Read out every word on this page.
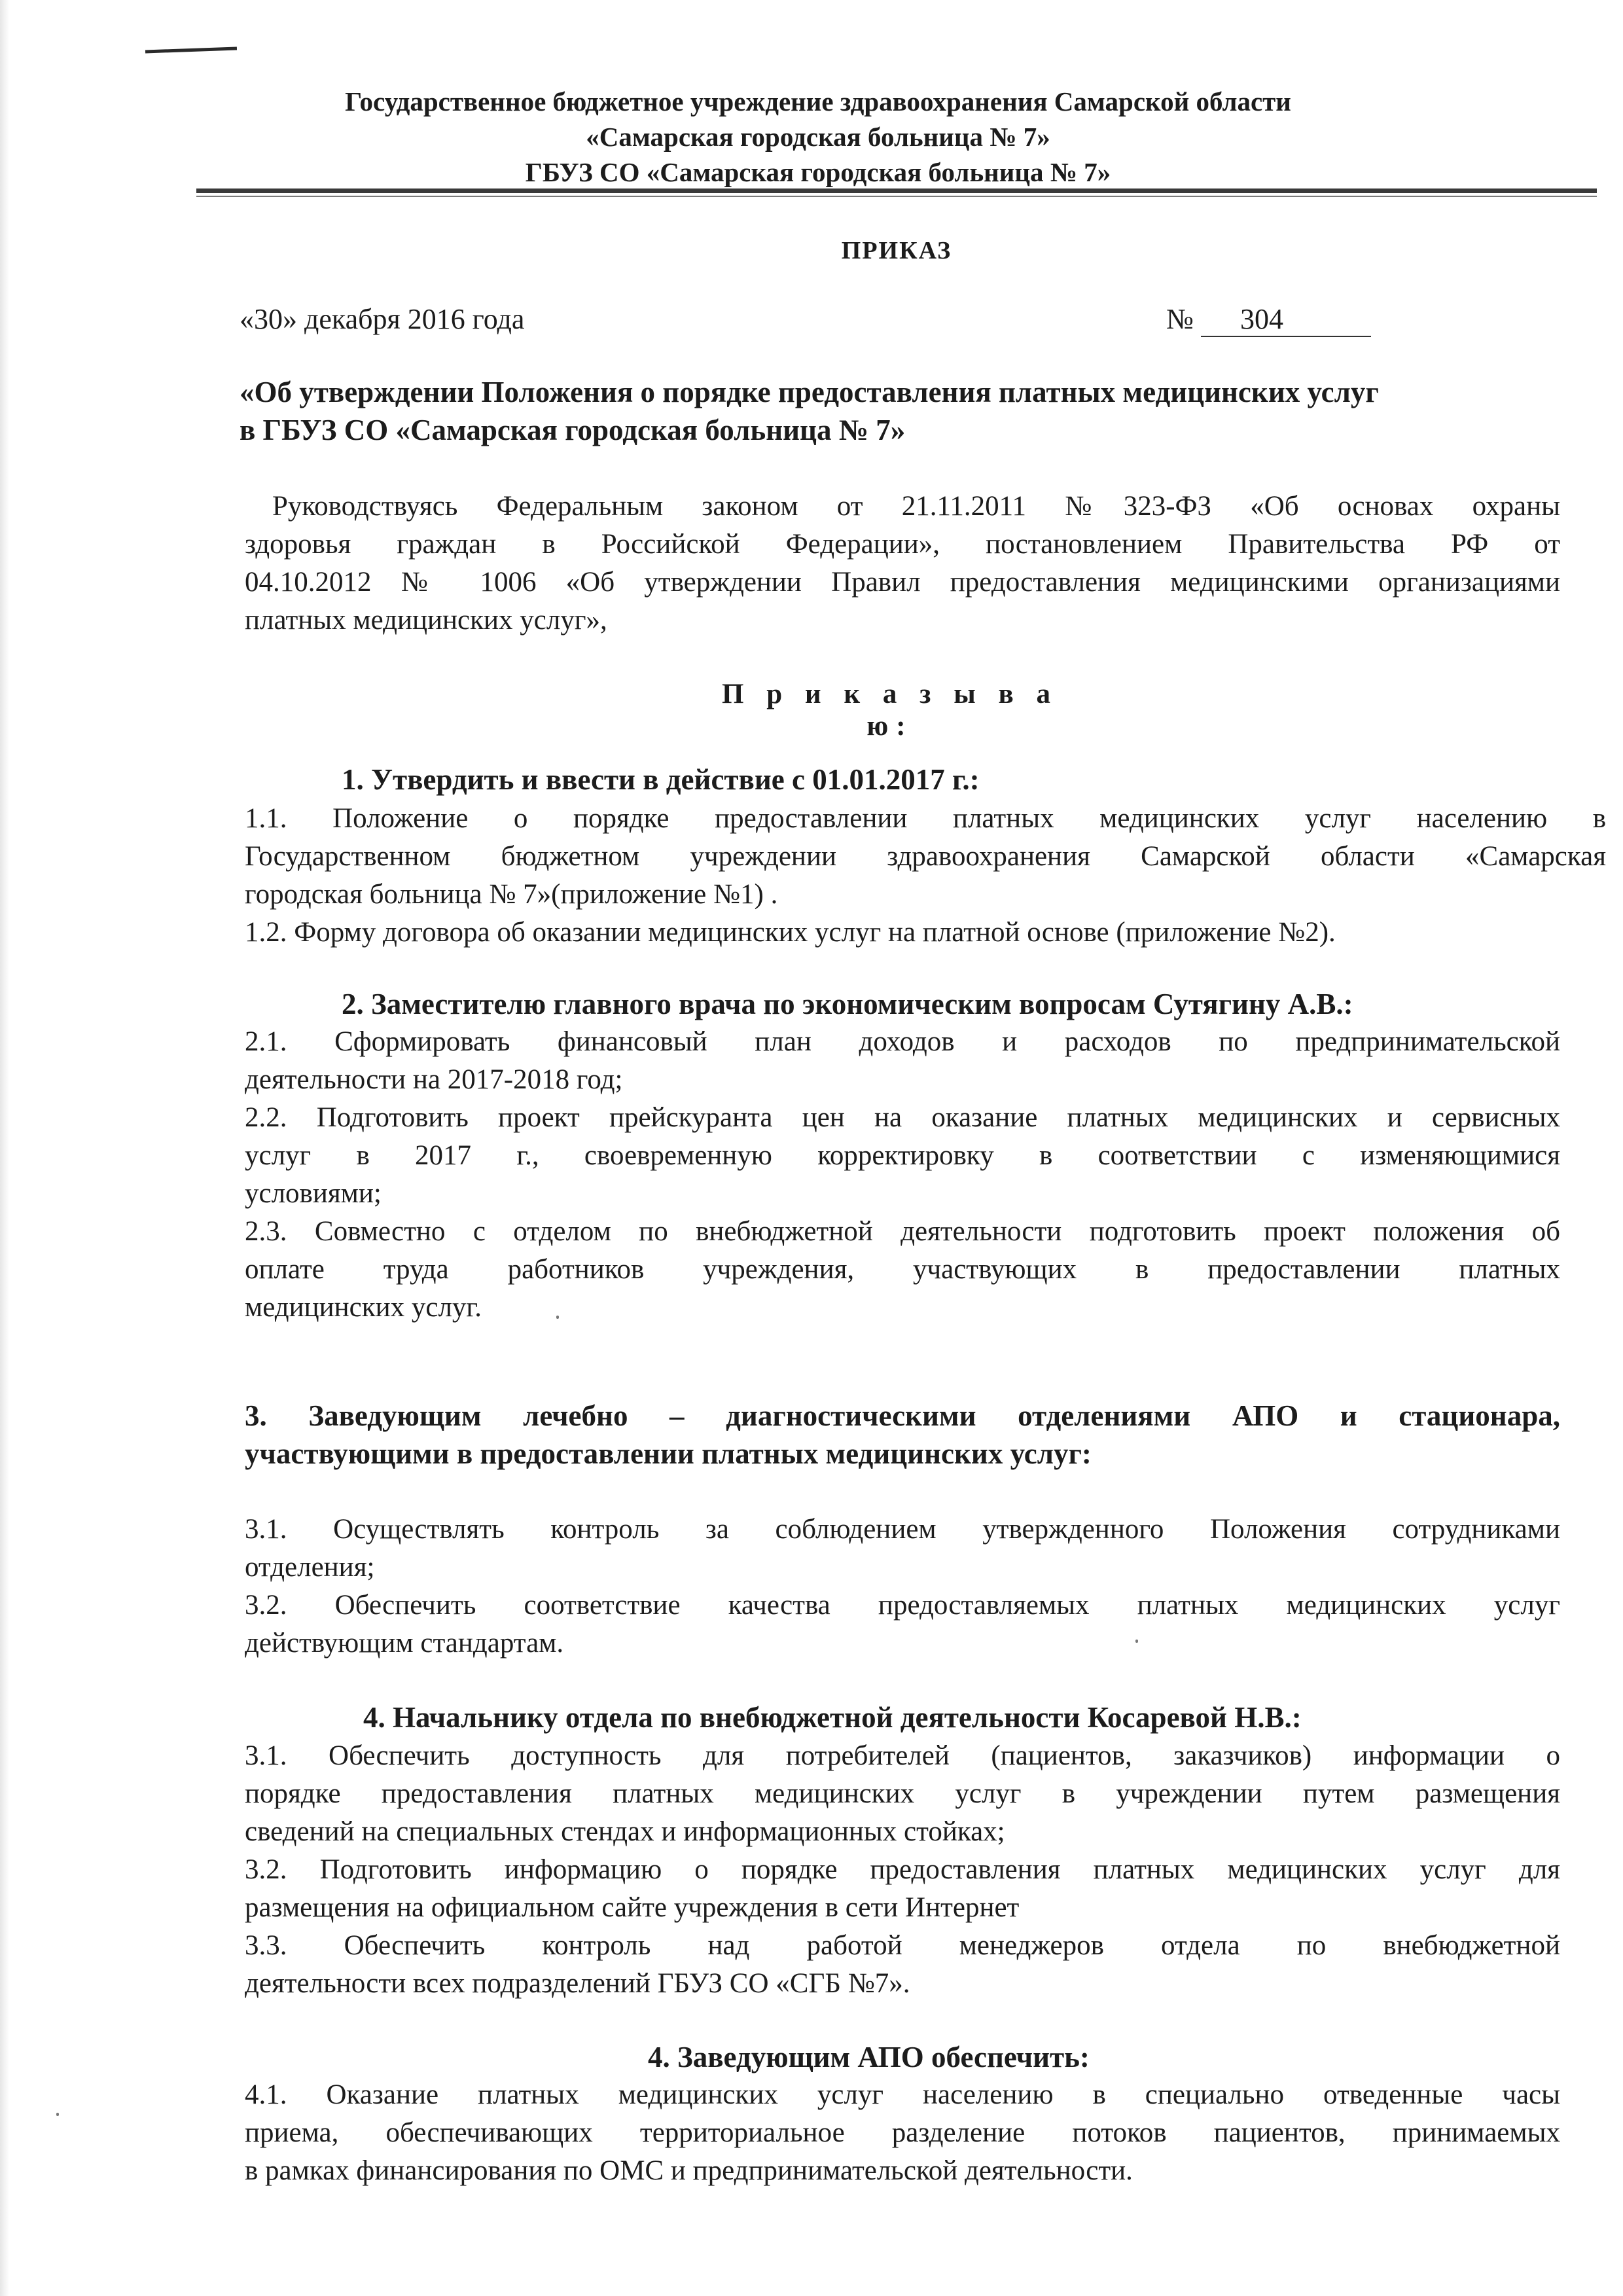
Государственное бюджетное учреждение здравоохранения Самарской области
«Самарская городская больница № 7»
ГБУЗ СО «Самарская городская больница № 7»
ПРИКАЗ
«30» декабря 2016 года	№ 304
«Об утверждении Положения о порядке предоставления платных медицинских услуг
в ГБУЗ СО «Самарская городская больница № 7»
Руководствуясь Федеральным законом от 21.11.2011 №323-ФЗ «Об основах охраны
здоровья граждан в Российской Федерации», постановлением Правительства РФ от
04.10.2012 № 1006 «Об утверждении Правил предоставления медицинскими организациями
платных медицинских услуг»,
П р и к а з ы в а ю:
1. Утвердить и ввести в действие с 01.01.2017 г.:
1.1. Положение о порядке предоставлении платных медицинских услуг населению в
Государственном бюджетном учреждении здравоохранения Самарской области «Самарская
городская больница № 7»(приложение №1) .
1.2. Форму договора об оказании медицинских услуг на платной основе (приложение №2).
2. Заместителю главного врача по экономическим вопросам Сутягину А.В.:
2.1. Сформировать финансовый план доходов и расходов по предпринимательской
деятельности на 2017-2018 год;
2.2. Подготовить проект прейскуранта цен на оказание платных медицинских и сервисных
услуг в 2017 г., своевременную корректировку в соответствии с изменяющимися
условиями;
2.3. Совместно с отделом по внебюджетной деятельности подготовить проект положения об
оплате труда работников учреждения, участвующих в предоставлении платных
медицинских услуг.
3. Заведующим лечебно – диагностическими отделениями АПО и стационара,
участвующими в предоставлении платных медицинских услуг:
3.1. Осуществлять контроль за соблюдением утвержденного Положения сотрудниками
отделения;
3.2. Обеспечить соответствие качества предоставляемых платных медицинских услуг
действующим стандартам.
4. Начальнику отдела по внебюджетной деятельности Косаревой Н.В.:
3.1. Обеспечить доступность для потребителей (пациентов, заказчиков) информации о
порядке предоставления платных медицинских услуг в учреждении путем размещения
сведений на специальных стендах и информационных стойках;
3.2. Подготовить информацию о порядке предоставления платных медицинских услуг для
размещения на официальном сайте учреждения в сети Интернет
3.3. Обеспечить контроль над работой менеджеров отдела по внебюджетной
деятельности всех подразделений ГБУЗ СО «СГБ №7».
4. Заведующим АПО обеспечить:
4.1. Оказание платных медицинских услуг населению в специально отведенные часы
приема, обеспечивающих территориальное разделение потоков пациентов, принимаемых
в рамках финансирования по ОМС и предпринимательской деятельности.
